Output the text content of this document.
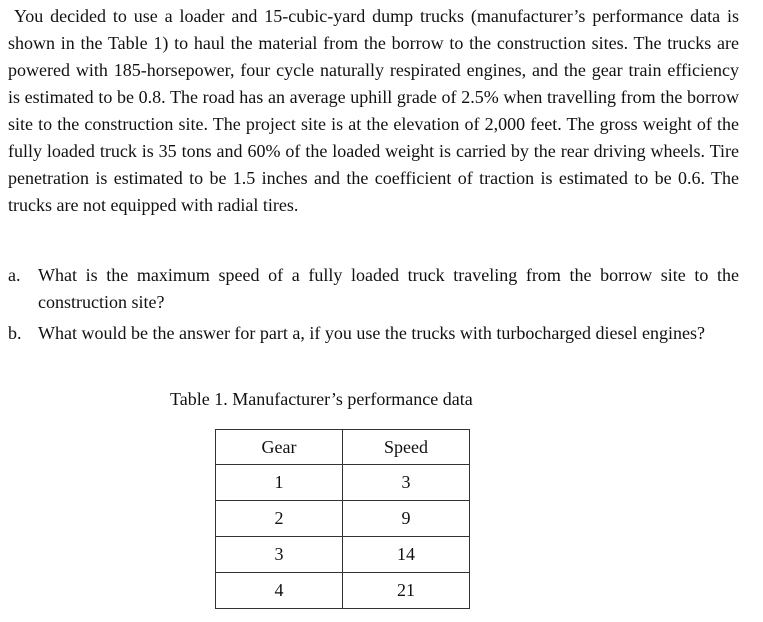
You decided to use a loader and 15-cubic-yard dump trucks (manufacturer’s performance data is shown in the Table 1) to haul the material from the borrow to the construction sites. The trucks are powered with 185-horsepower, four cycle naturally respirated engines, and the gear train efficiency is estimated to be 0.8. The road has an average uphill grade of 2.5% when travelling from the borrow site to the construction site. The project site is at the elevation of 2,000 feet. The gross weight of the fully loaded truck is 35 tons and 60% of the loaded weight is carried by the rear driving wheels. Tire penetration is estimated to be 1.5 inches and the coefficient of traction is estimated to be 0.6. The trucks are not equipped with radial tires.

a. What is the maximum speed of a fully loaded truck traveling from the borrow site to the construction site?
b. What would be the answer for part a, if you use the trucks with turbocharged diesel engines?
Table 1. Manufacturer’s performance data
Gear	Speed
1	3
2	9
3	14
4	21
